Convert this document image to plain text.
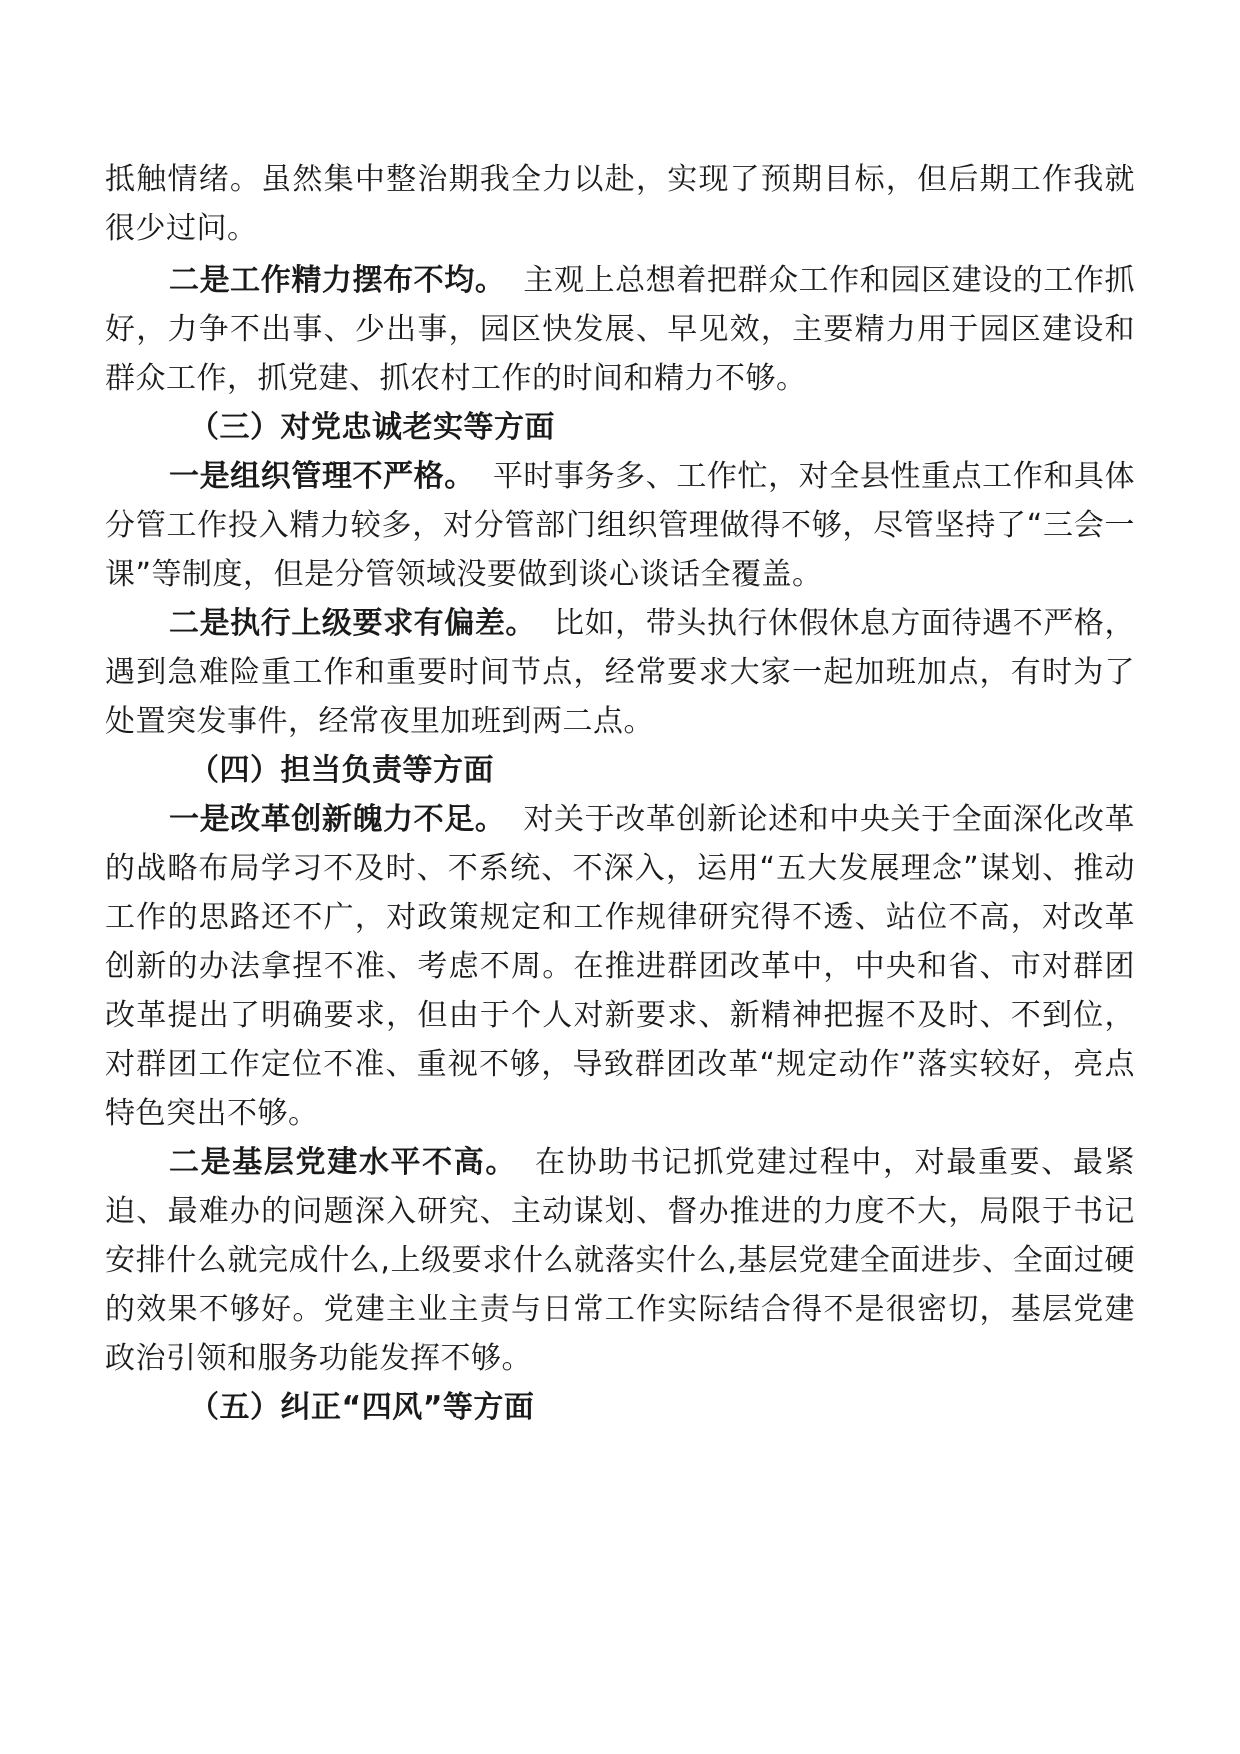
抵触情绪。虽然集中整治期我全力以赴，实现了预期目标，但后期工作我就很少过问。

二是工作精力摆布不均。 主观上总想着把群众工作和园区建设的工作抓好，力争不出事、少出事，园区快发展、早见效，主要精力用于园区建设和群众工作，抓党建、抓农村工作的时间和精力不够。

（三）对党忠诚老实等方面

一是组织管理不严格。 平时事务多、工作忙，对全县性重点工作和具体分管工作投入精力较多，对分管部门组织管理做得不够，尽管坚持了“三会一课”等制度，但是分管领域没要做到谈心谈话全覆盖。

二是执行上级要求有偏差。 比如，带头执行休假休息方面待遇不严格，遇到急难险重工作和重要时间节点，经常要求大家一起加班加点，有时为了处置突发事件，经常夜里加班到两二点。

（四）担当负责等方面

一是改革创新魄力不足。 对关于改革创新论述和中央关于全面深化改革的战略布局学习不及时、不系统、不深入，运用“五大发展理念”谋划、推动工作的思路还不广，对政策规定和工作规律研究得不透、站位不高，对改革创新的办法拿捏不准、考虑不周。在推进群团改革中，中央和省、市对群团改革提出了明确要求，但由于个人对新要求、新精神把握不及时、不到位，对群团工作定位不准、重视不够，导致群团改革“规定动作”落实较好，亮点特色突出不够。

二是基层党建水平不高。 在协助书记抓党建过程中，对最重要、最紧迫、最难办的问题深入研究、主动谋划、督办推进的力度不大，局限于书记安排什么就完成什么,上级要求什么就落实什么,基层党建全面进步、全面过硬的效果不够好。党建主业主责与日常工作实际结合得不是很密切，基层党建政治引领和服务功能发挥不够。

（五）纠正“四风”等方面
